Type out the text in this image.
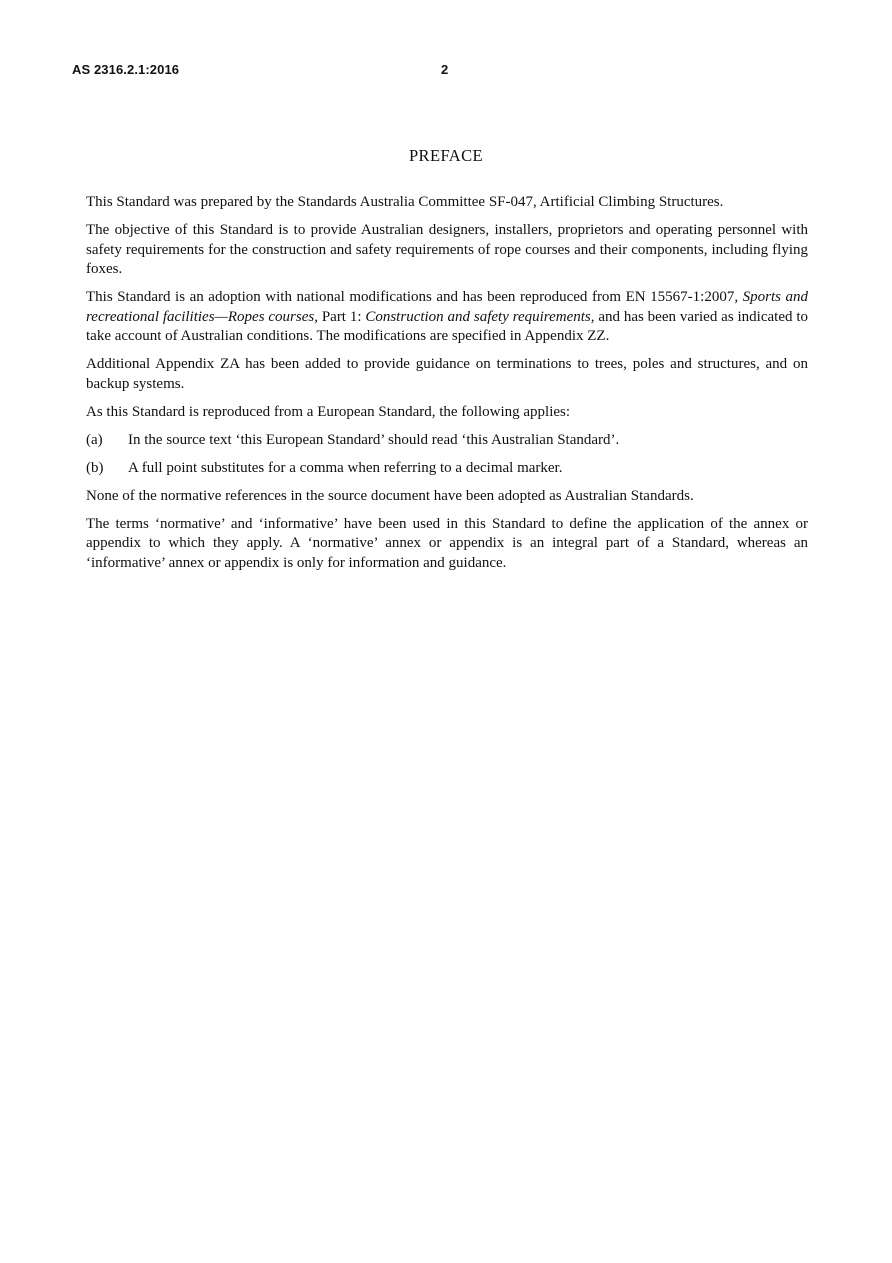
AS 2316.2.1:2016	2
PREFACE

This Standard was prepared by the Standards Australia Committee SF-047, Artificial Climbing Structures.

The objective of this Standard is to provide Australian designers, installers, proprietors and operating personnel with safety requirements for the construction and safety requirements of rope courses and their components, including flying foxes.

This Standard is an adoption with national modifications and has been reproduced from EN 15567-1:2007, Sports and recreational facilities—Ropes courses, Part 1: Construction and safety requirements, and has been varied as indicated to take account of Australian conditions. The modifications are specified in Appendix ZZ.

Additional Appendix ZA has been added to provide guidance on terminations to trees, poles and structures, and on backup systems.

As this Standard is reproduced from a European Standard, the following applies:

(a)	In the source text ‘this European Standard’ should read ‘this Australian Standard’.
(b)	A full point substitutes for a comma when referring to a decimal marker.

None of the normative references in the source document have been adopted as Australian Standards.

The terms ‘normative’ and ‘informative’ have been used in this Standard to define the application of the annex or appendix to which they apply. A ‘normative’ annex or appendix is an integral part of a Standard, whereas an ‘informative’ annex or appendix is only for information and guidance.
